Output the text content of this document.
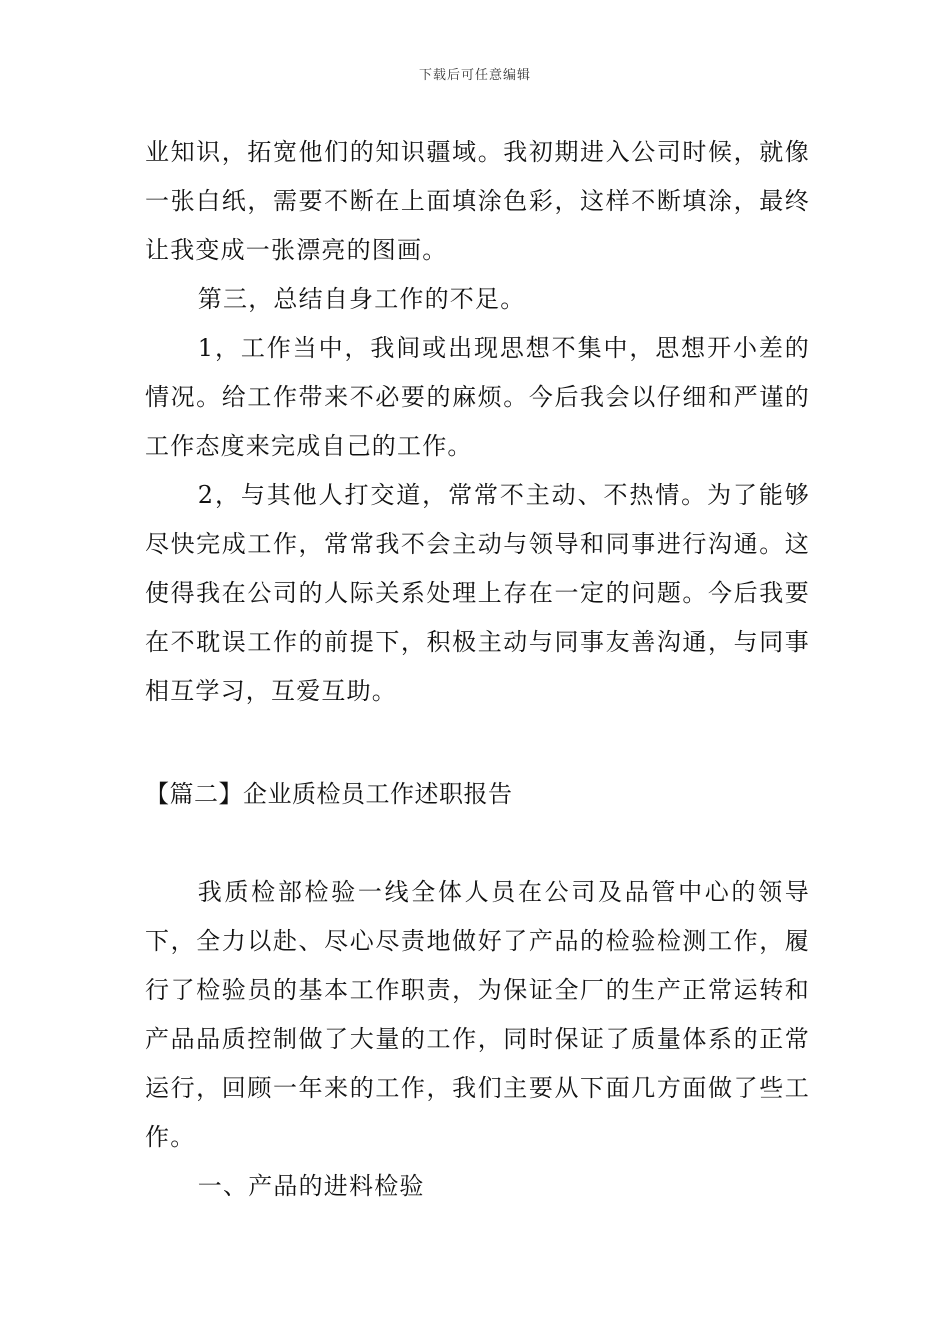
下载后可任意编辑

业知识，拓宽他们的知识疆域。我初期进入公司时候，就像一张白纸，需要不断在上面填涂色彩，这样不断填涂，最终让我变成一张漂亮的图画。

第三，总结自身工作的不足。

1，工作当中，我间或出现思想不集中，思想开小差的情况。给工作带来不必要的麻烦。今后我会以仔细和严谨的工作态度来完成自己的工作。

2，与其他人打交道，常常不主动、不热情。为了能够尽快完成工作，常常我不会主动与领导和同事进行沟通。这使得我在公司的人际关系处理上存在一定的问题。今后我要在不耽误工作的前提下，积极主动与同事友善沟通，与同事相互学习，互爱互助。

【篇二】企业质检员工作述职报告

我质检部检验一线全体人员在公司及品管中心的领导下，全力以赴、尽心尽责地做好了产品的检验检测工作，履行了检验员的基本工作职责，为保证全厂的生产正常运转和产品品质控制做了大量的工作，同时保证了质量体系的正常运行，回顾一年来的工作，我们主要从下面几方面做了些工作。

一、产品的进料检验
